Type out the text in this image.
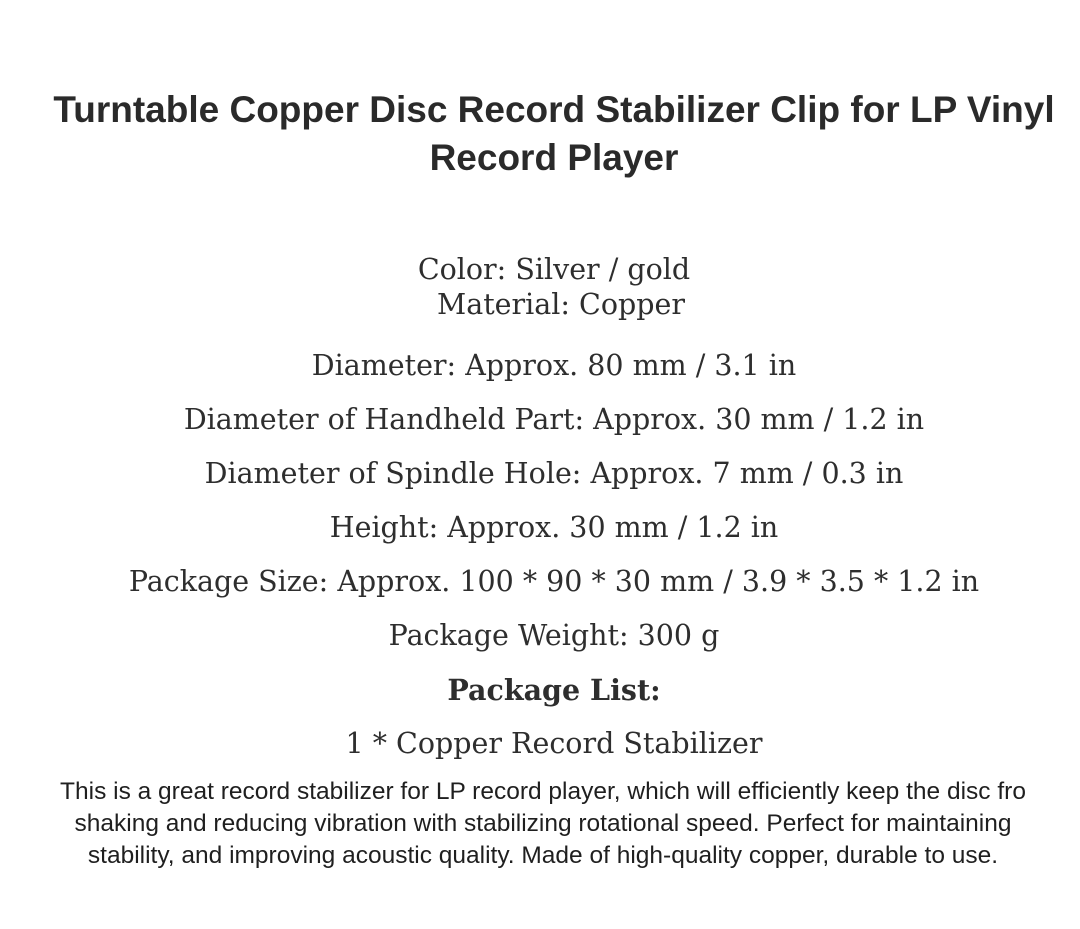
Turntable Copper Disc Record Stabilizer Clip for LP Vinyl
Record Player
Color: Silver / gold
Material: Copper
Diameter: Approx. 80 mm / 3.1 in
Diameter of Handheld Part: Approx. 30 mm / 1.2 in
Diameter of Spindle Hole: Approx. 7 mm / 0.3 in
Height: Approx. 30 mm / 1.2 in
Package Size: Approx. 100 * 90 * 30 mm / 3.9 * 3.5 * 1.2 in
Package Weight: 300 g
Package List:
1 * Copper Record Stabilizer
This is a great record stabilizer for LP record player, which will efficiently keep the disc fro
shaking and reducing vibration with stabilizing rotational speed. Perfect for maintaining
stability, and improving acoustic quality. Made of high-quality copper, durable to use.
